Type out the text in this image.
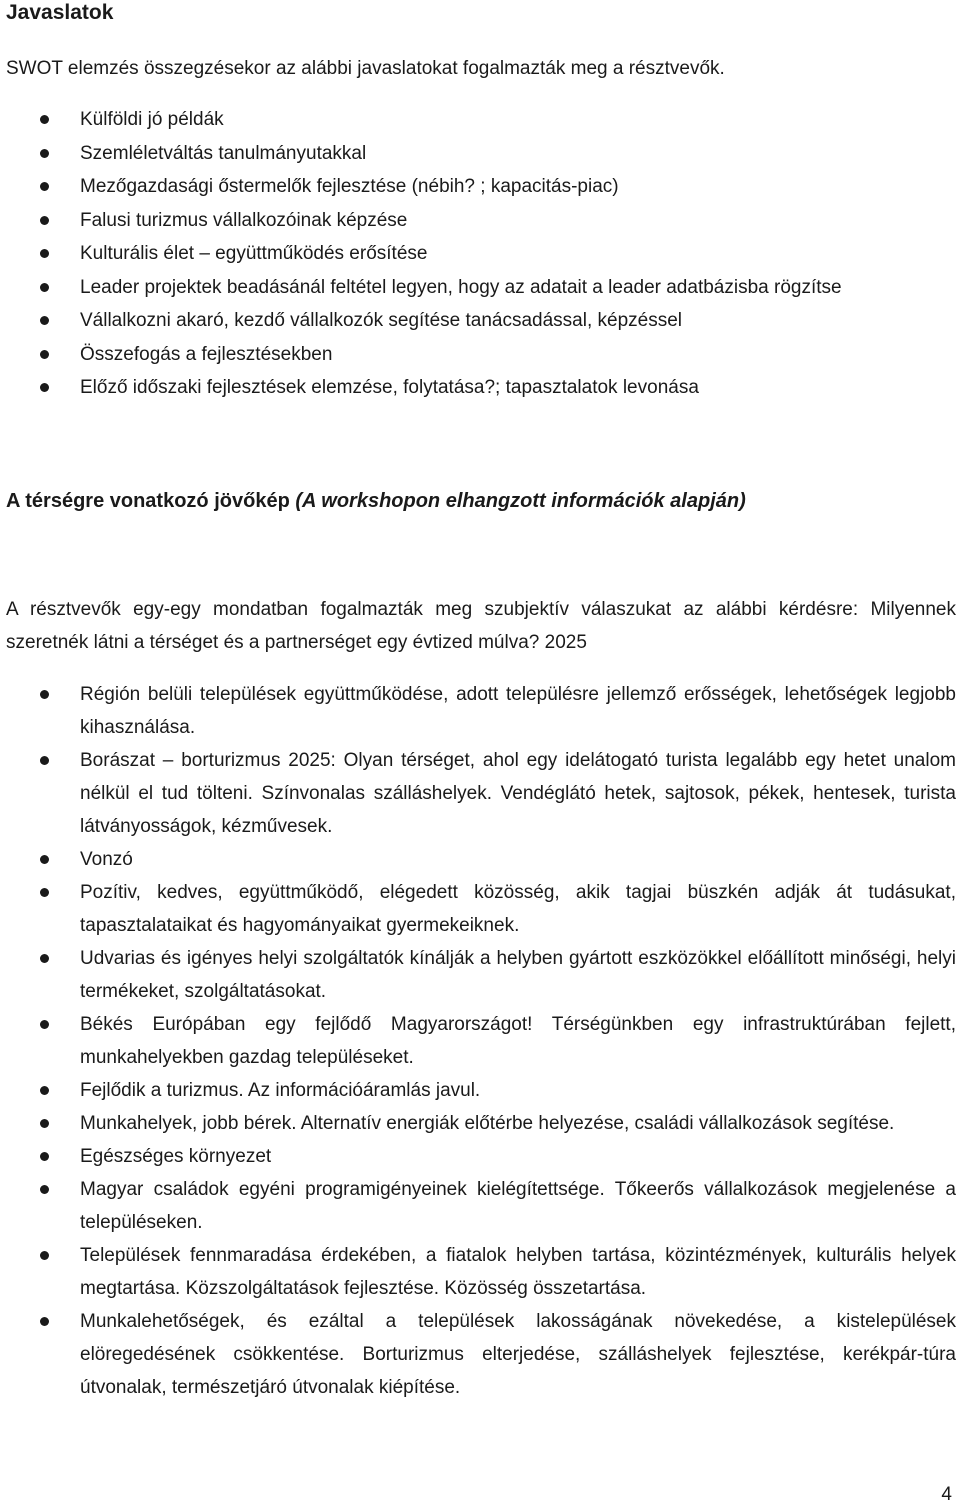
Javaslatok

SWOT elemzés összegzésekor az alábbi javaslatokat fogalmazták meg a résztvevők.

Külföldi jó példák
Szemléletváltás tanulmányutakkal
Mezőgazdasági őstermelők fejlesztése (nébih? ; kapacitás-piac)
Falusi turizmus vállalkozóinak képzése
Kulturális élet – együttműködés erősítése
Leader projektek beadásánál feltétel legyen, hogy az adatait a leader adatbázisba rögzítse
Vállalkozni akaró, kezdő vállalkozók segítése tanácsadással, képzéssel
Összefogás a fejlesztésekben
Előző időszaki fejlesztések elemzése, folytatása?; tapasztalatok levonása
A térségre vonatkozó jövőkép (A workshopon elhangzott információk alapján)

A résztvevők egy-egy mondatban fogalmazták meg szubjektív válaszukat az alábbi kérdésre: Milyennek szeretnék látni a térséget és a partnerséget egy évtized múlva? 2025

Régión belüli települések együttműködése, adott településre jellemző erősségek, lehetőségek legjobb kihasználása.
Borászat – borturizmus 2025: Olyan térséget, ahol egy idelátogató turista legalább egy hetet unalom nélkül el tud tölteni. Színvonalas szálláshelyek. Vendéglátó hetek, sajtosok, pékek, hentesek, turista látványosságok, kézművesek.
Vonzó
Pozítiv, kedves, együttműködő, elégedett közösség, akik tagjai büszkén adják át tudásukat, tapasztalataikat és hagyományaikat gyermekeiknek.
Udvarias és igényes helyi szolgáltatók kínálják a helyben gyártott eszközökkel előállított minőségi, helyi termékeket, szolgáltatásokat.
Békés Európában egy fejlődő Magyarországot! Térségünkben egy infrastruktúrában fejlett, munkahelyekben gazdag településeket.
Fejlődik a turizmus. Az információáramlás javul.
Munkahelyek, jobb bérek. Alternatív energiák előtérbe helyezése, családi vállalkozások segítése.
Egészséges környezet
Magyar családok egyéni programigényeinek kielégítettsége. Tőkeerős vállalkozások megjelenése a településeken.
Települések fennmaradása érdekében, a fiatalok helyben tartása, közintézmények, kulturális helyek megtartása. Közszolgáltatások fejlesztése. Közösség összetartása.
Munkalehetőségek, és ezáltal a települések lakosságának növekedése, a kistelepülések elöregedésének csökkentése. Borturizmus elterjedése, szálláshelyek fejlesztése, kerékpár-túra útvonalak, természetjáró útvonalak kiépítése.

4
